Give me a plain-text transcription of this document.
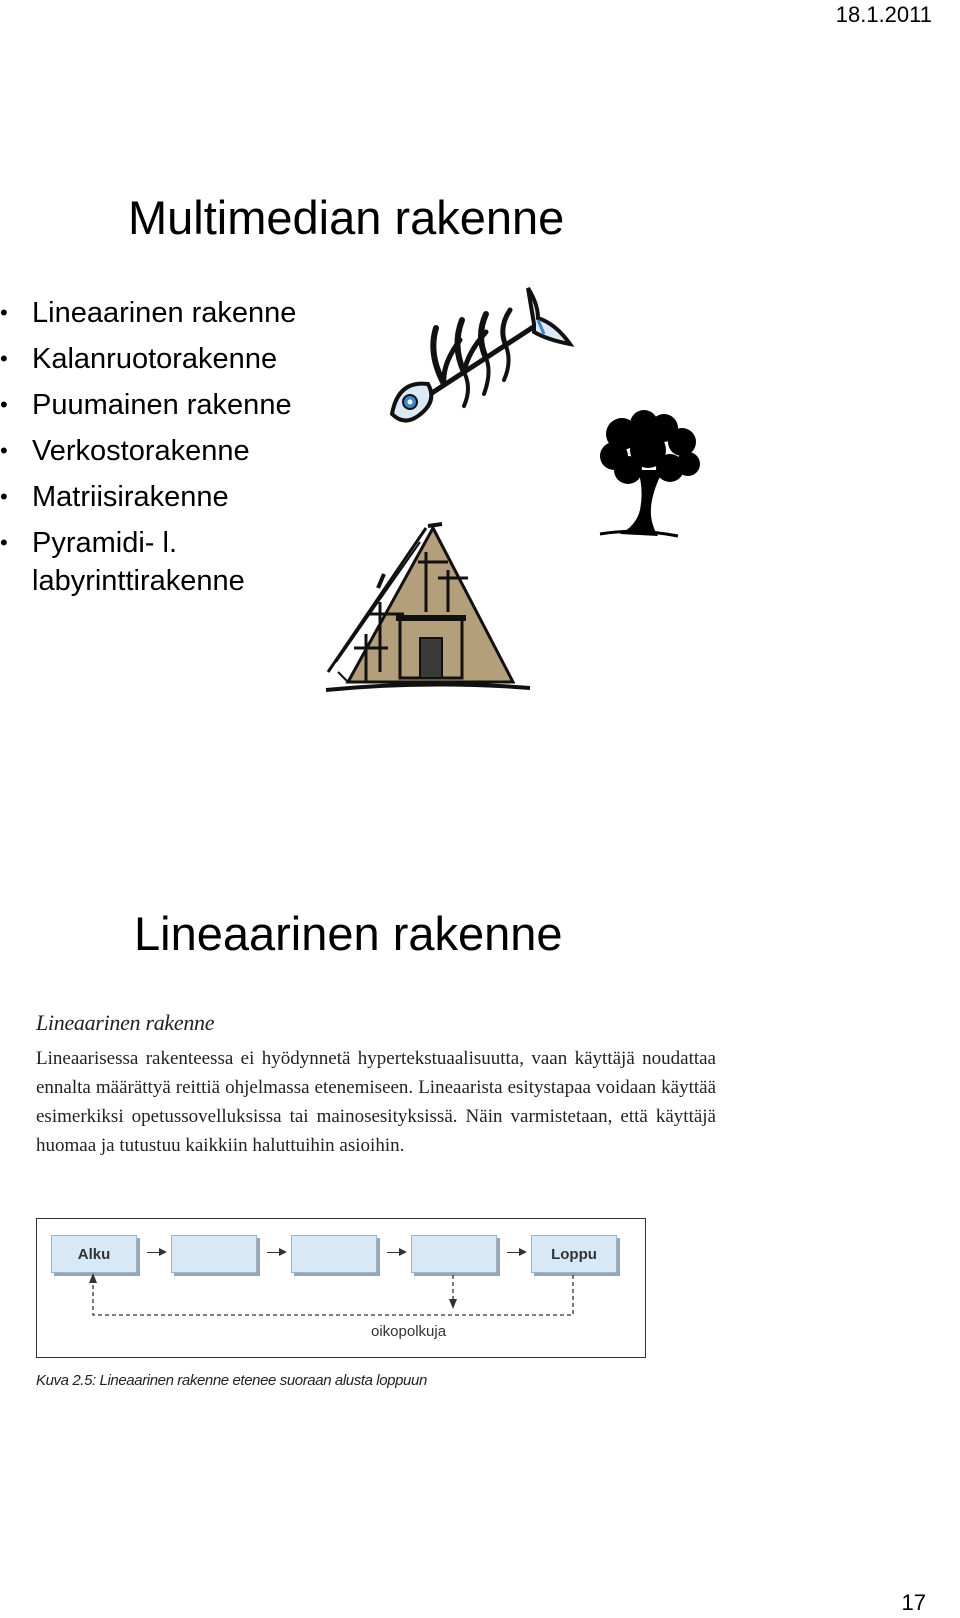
18.1.2011
Multimedian rakenne
• Lineaarinen rakenne
• Kalanruotorakenne
• Puumainen rakenne
• Verkostorakenne
• Matriisirakenne
• Pyramidi- l. labyrinttirakenne
Lineaarinen rakenne
Lineaarinen rakenne

Lineaarisessa rakenteessa ei hyödynnetä hypertekstuaalisuutta, vaan käyttäjä noudattaa ennalta määrättyä reittiä ohjelmassa etenemiseen. Lineaarista esitystapaa voidaan käyttää esimerkiksi opetussovelluksissa tai mainosesityksissä. Näin varmistetaan, että käyttäjä huomaa ja tutustuu kaikkiin haluttuihin asioihin.

Alku	Loppu
oikopolkuja
Kuva 2.5: Lineaarinen rakenne etenee suoraan alusta loppuun
17
